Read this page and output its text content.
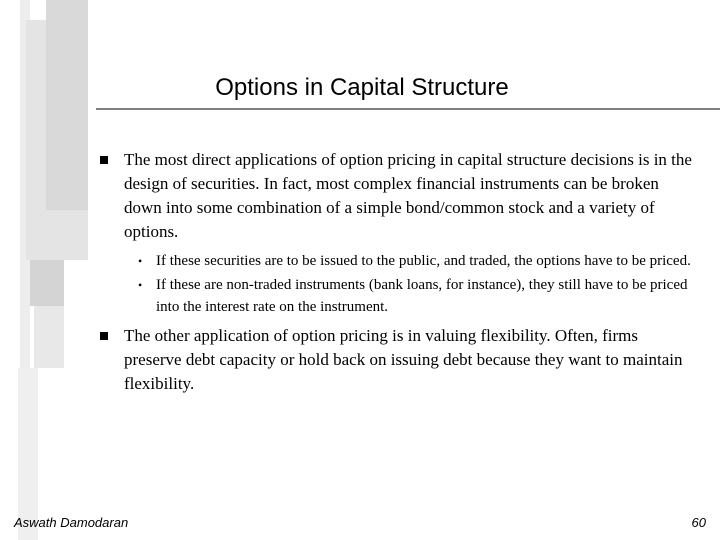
Options in Capital Structure
The most direct applications of option pricing in capital structure decisions is in the design of securities. In fact, most complex financial instruments can be broken down into some combination of a simple bond/common stock and a variety of options.
• If these securities are to be issued to the public, and traded, the options have to be priced.
• If these are non-traded instruments (bank loans, for instance), they still have to be priced into the interest rate on the instrument.
The other application of option pricing is in valuing flexibility. Often, firms preserve debt capacity or hold back on issuing debt because they want to maintain flexibility.
Aswath Damodaran	60
